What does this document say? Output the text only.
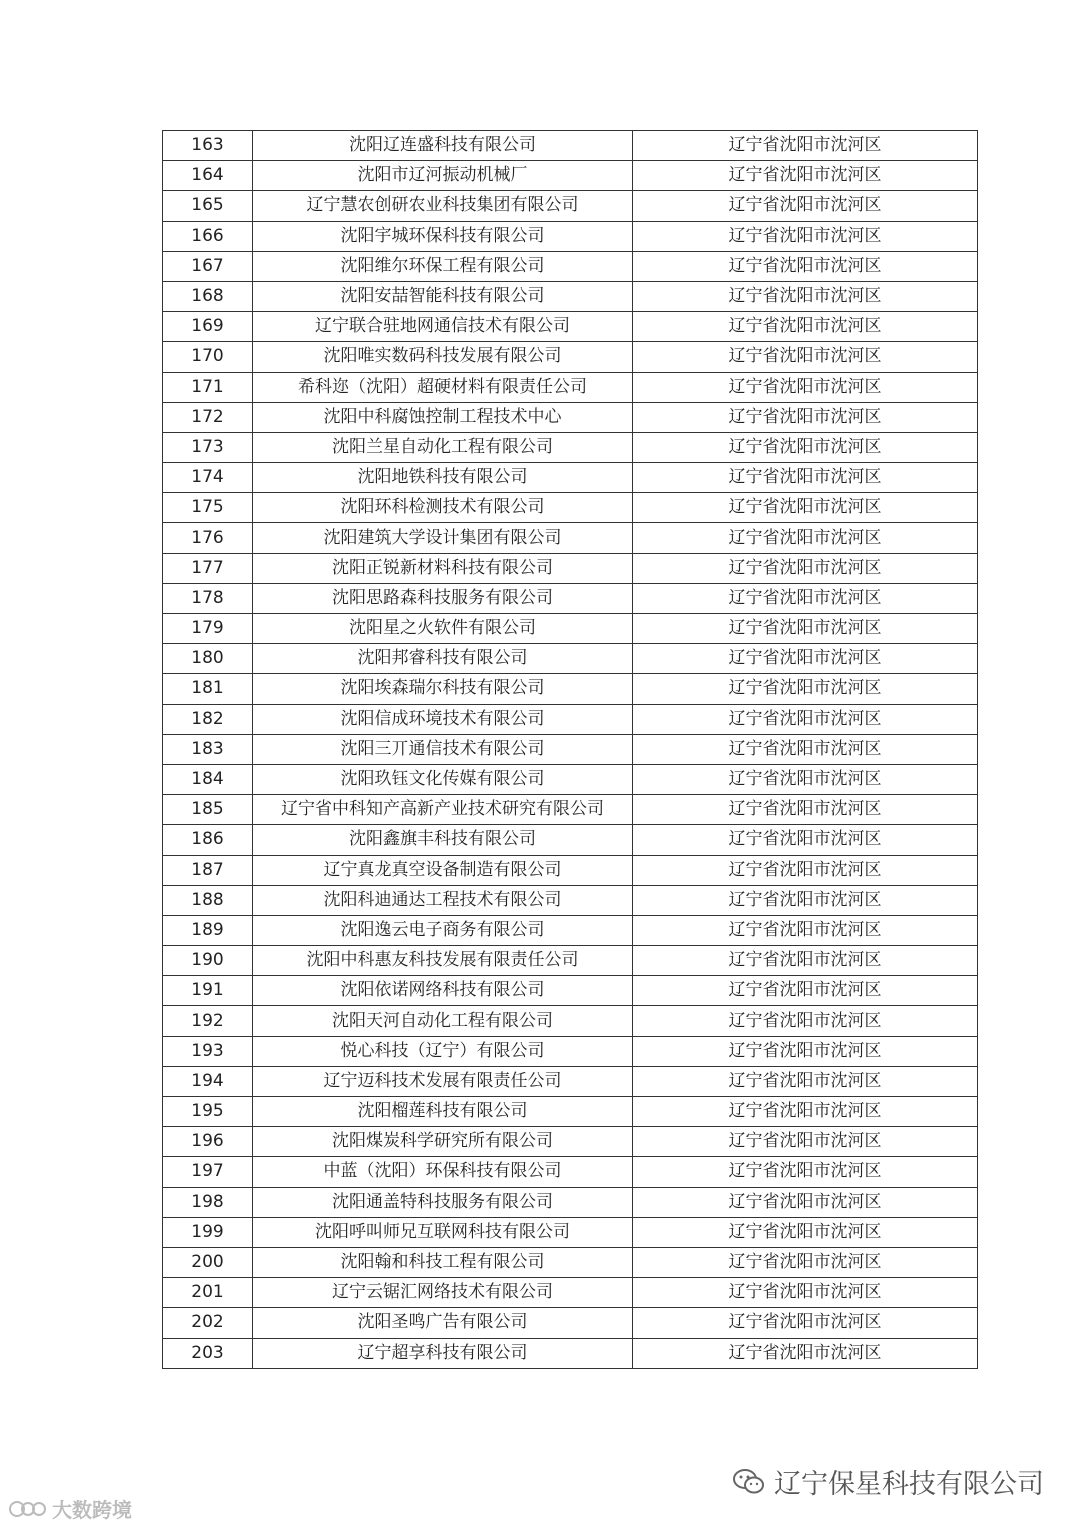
163	沈阳辽连盛科技有限公司	辽宁省沈阳市沈河区
164	沈阳市辽河振动机械厂	辽宁省沈阳市沈河区
165	辽宁慧农创研农业科技集团有限公司	辽宁省沈阳市沈河区
166	沈阳宇城环保科技有限公司	辽宁省沈阳市沈河区
167	沈阳维尔环保工程有限公司	辽宁省沈阳市沈河区
168	沈阳安喆智能科技有限公司	辽宁省沈阳市沈河区
169	辽宁联合驻地网通信技术有限公司	辽宁省沈阳市沈河区
170	沈阳唯实数码科技发展有限公司	辽宁省沈阳市沈河区
171	希科迩（沈阳）超硬材料有限责任公司	辽宁省沈阳市沈河区
172	沈阳中科腐蚀控制工程技术中心	辽宁省沈阳市沈河区
173	沈阳兰星自动化工程有限公司	辽宁省沈阳市沈河区
174	沈阳地铁科技有限公司	辽宁省沈阳市沈河区
175	沈阳环科检测技术有限公司	辽宁省沈阳市沈河区
176	沈阳建筑大学设计集团有限公司	辽宁省沈阳市沈河区
177	沈阳正锐新材料科技有限公司	辽宁省沈阳市沈河区
178	沈阳思路森科技服务有限公司	辽宁省沈阳市沈河区
179	沈阳星之火软件有限公司	辽宁省沈阳市沈河区
180	沈阳邦睿科技有限公司	辽宁省沈阳市沈河区
181	沈阳埃森瑞尔科技有限公司	辽宁省沈阳市沈河区
182	沈阳信成环境技术有限公司	辽宁省沈阳市沈河区
183	沈阳三丌通信技术有限公司	辽宁省沈阳市沈河区
184	沈阳玖钰文化传媒有限公司	辽宁省沈阳市沈河区
185	辽宁省中科知产高新产业技术研究有限公司	辽宁省沈阳市沈河区
186	沈阳鑫旗丰科技有限公司	辽宁省沈阳市沈河区
187	辽宁真龙真空设备制造有限公司	辽宁省沈阳市沈河区
188	沈阳科迪通达工程技术有限公司	辽宁省沈阳市沈河区
189	沈阳逸云电子商务有限公司	辽宁省沈阳市沈河区
190	沈阳中科惠友科技发展有限责任公司	辽宁省沈阳市沈河区
191	沈阳依诺网络科技有限公司	辽宁省沈阳市沈河区
192	沈阳天河自动化工程有限公司	辽宁省沈阳市沈河区
193	悦心科技（辽宁）有限公司	辽宁省沈阳市沈河区
194	辽宁迈科技术发展有限责任公司	辽宁省沈阳市沈河区
195	沈阳榴莲科技有限公司	辽宁省沈阳市沈河区
196	沈阳煤炭科学研究所有限公司	辽宁省沈阳市沈河区
197	中蓝（沈阳）环保科技有限公司	辽宁省沈阳市沈河区
198	沈阳通盖特科技服务有限公司	辽宁省沈阳市沈河区
199	沈阳呼叫师兄互联网科技有限公司	辽宁省沈阳市沈河区
200	沈阳翰和科技工程有限公司	辽宁省沈阳市沈河区
201	辽宁云锯汇网络技术有限公司	辽宁省沈阳市沈河区
202	沈阳圣鸣广告有限公司	辽宁省沈阳市沈河区
203	辽宁超享科技有限公司	辽宁省沈阳市沈河区
辽宁保星科技有限公司
大数跨境
